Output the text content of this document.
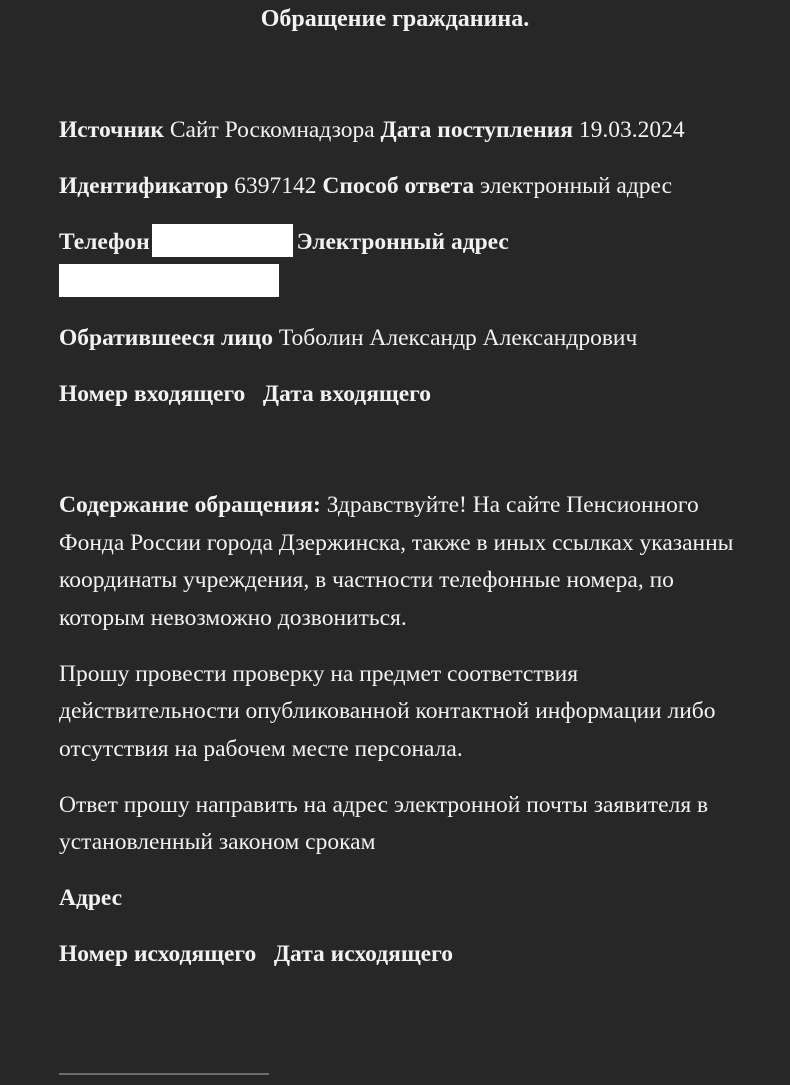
Обращение гражданина.

Источник Сайт Роскомнадзора Дата поступления 19.03.2024

Идентификатор 6397142 Способ ответа электронный адрес

Телефон	Электронный адрес

Обратившееся лицо Тоболин Александр Александрович

Номер входящего Дата входящего

Содержание обращения: Здравствуйте! На сайте Пенсионного Фонда России города Дзержинска, также в иных ссылках указанны координаты учреждения, в частности телефонные номера, по которым невозможно дозвониться.

Прошу провести проверку на предмет соответствия действительности опубликованной контактной информации либо отсутствия на рабочем месте персонала.

Ответ прошу направить на адрес электронной почты заявителя в установленный законом срокам

Адрес

Номер исходящего Дата исходящего
